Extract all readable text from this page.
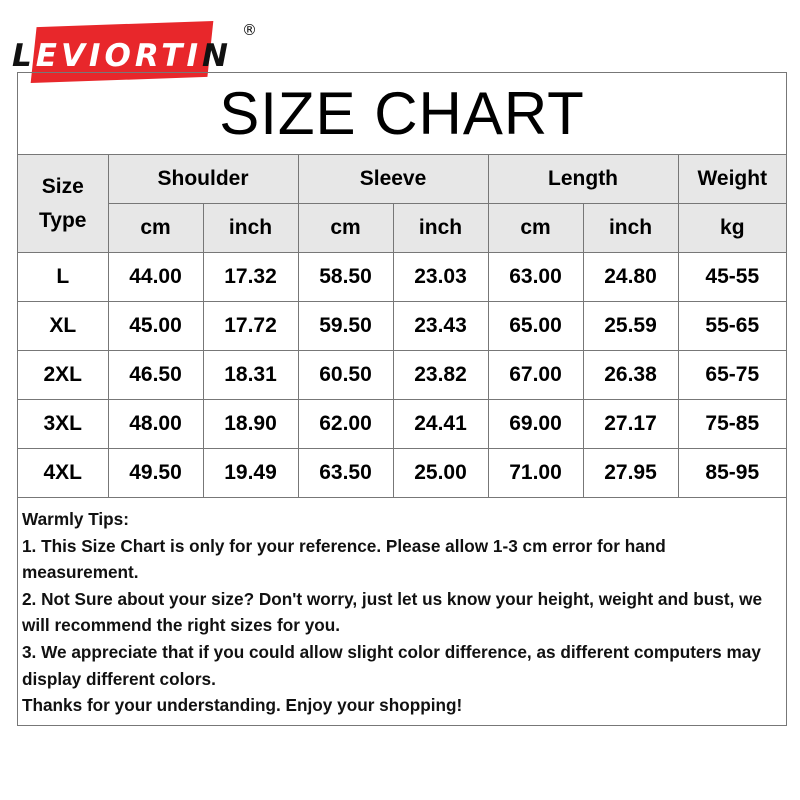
LEVIORTIN
®
SIZE CHART
Size Type	Shoulder		Sleeve		Length		Weight
	cm	inch	cm	inch	cm	inch	kg
L	44.00	17.32	58.50	23.03	63.00	24.80	45-55
XL	45.00	17.72	59.50	23.43	65.00	25.59	55-65
2XL	46.50	18.31	60.50	23.82	67.00	26.38	65-75
3XL	48.00	18.90	62.00	24.41	69.00	27.17	75-85
4XL	49.50	19.49	63.50	25.00	71.00	27.95	85-95
Warmly Tips:
1. This Size Chart is only for your reference. Please allow 1-3 cm error for hand measurement.
2. Not Sure about your size? Don't worry, just let us know your height, weight and bust, we will recommend the right sizes for you.
3. We appreciate that if you could allow slight color difference, as different computers may display different colors.
Thanks for your understanding. Enjoy your shopping!
